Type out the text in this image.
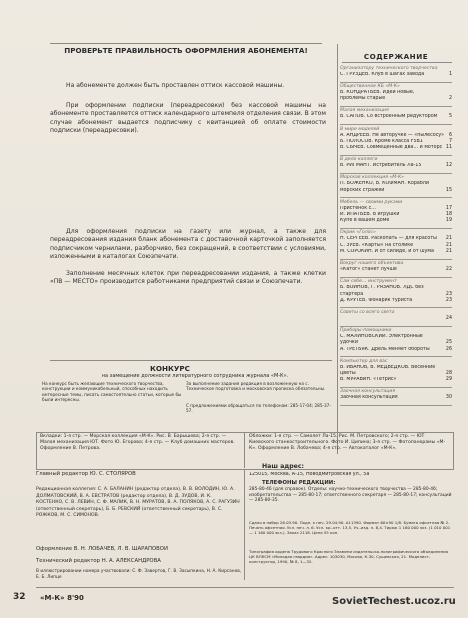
ПРОВЕРЬТЕ ПРАВИЛЬНОСТЬ ОФОРМЛЕНИЯ АБОНЕМЕНТА!
На абонементе должен быть проставлен оттиск кассовой машины.
При оформлении подписки (переадресовки) без кассовой машины на абонементе проставляется оттиск календарного штемпеля отделения связи. В этом случае абонемент выдается подписчику с квитанцией об оплате стоимости подписки (переадресовки).
Для оформления подписки на газету или журнал, а также для переадресования издания бланк абонемента с доставочной карточкой заполняется подписчиком чернилами, разборчиво, без сокращений, в соответствии с условиями, изложенными в каталогах Союзпечати.
Заполнение месячных клеток при переадресовании издания, а также клетки «ПВ — МЕСТО» производится работниками предприятий связи и Союзпечати.
СОДЕРЖАНИЕ
Организатору технического творчества
С. ГРУЗДЕВ. Клуб в шагах завода	1
Общественное КБ «М-К»
В. КОНДРАТЬЕВ. Идеи новые,
проблемы старые	2
Малая механизация
В. САПОВ. Со встроенным редуктором 5
В мире моделей
А. АНДРЕЕВ. Не авторучке — «пылесосу» 6
Б. ПОЛОСОВ. Кроме класса F5B1	7
В. СЫЧЕВ. Совмещенные два… и моторс 11
В дело коллеги
В. РИГМАНТ. Истребитель Ла-15	12
Морская коллекция «М-К»
П. БОЖЕНКО, В. КОФМАН. Корабли
морских стражей	15
Мебель — своими руками
Пристенок с...	17
И. ИПАТЬЕВ. В игрушки	18
Купе в вашем доме	19
Окрик «Голос»
Н. СЕРГЕЕВ. Раскопать — для красоты 21
С. ЗУЕВ. «Карты» на столике	21
М. СОРОКИН. И от силиде, и от шума 21
Вокруг нашего объектива
«Катог» станет лучше	22
Сам себе… инструмент
Б. ВОИНОВ, Г. РЯЗАНОВ. ЛДС без
стартера	23
Д. КРУТЕВ. Фонарик туриста	23
Советы со всего света
24
Приборы-помощники
С. МАЛИНОВСКИЙ. Электронные
удочки	25
А. ТРЕТЬЯК. Дрель меняет обороты	26
Компьютер для вас
В. ИВАНОВ, В. МЕДВЕДКОВ. Весенние
цветы	28
В. МУРАВИН. «Тетрис»	29
Заочная консультация
Заочная консультация	30
КОНКУРС
на замещение должности литературного сотрудника журнала «М-К».
На конкурс быть желающие технического творчества, конструкции и коммуникабельный, способных находить интересные темы, писать самостоятельно статьи, которые бы были интересны.
За выполнение задания редакция в возложенную на с. Техническое подготовка и московская прописка обязательны.
С предложениями обращаться по телефонам: 285-17-04; 285-37-57.
Вкладки: 1-я стр. — Морская коллекция «М-К». Рис. В. Барышева; 2-я стр. — Малая механизация ЮТ. Фото Ю. Егорова; 4-я стр. — Клуб домашних мастеров. Оформление В. Петрова.
Обложки: 1-я стр. — Самолет Ла-15. Рис. М. Петровского; 2-я стр. — ЮТ Киевского станкостроительного. Фото И. Ципина; 3-я стр. — Фотопанорамы «М-К». Оформление В. Лобачева; 4-я стр. — Автокаталог «М-К».
Главный редактор Ю. С. СТОЛЯРОВ
Редакционная коллегия: С. А. БАЛАНИН (редактор отдела), В. В. ВОЛОДИН, Ю. А. ДОЛМАТОВСКИЙ, В. А. ЕВСТРАТОВ (редактор отдела), В. Д. ЗУДОВ, И. К. КОСТЕНКО, С. В. ЛЕВИН, С. Ф. МАЛИК, В. Н. МУРАТОВ, В. А. ПОЛЯКОВ, А. С. РАГУЗИН (ответственный секретарь), Б. Б. РЕВСКИЙ (ответственный секретарь), В. С. РОЖКОВ, М. С. СИМОНОВ.
Оформление В. Н. ЛОБАЧЕВ, Л. В. ШАРАПОВОЙ
Технический редактор Н. А. АЛЕКСАНДРОВА
В иллюстрировании номера участвовали: С. Ф. Завертов, Г. В. Засыпкина, Н. А. Кирсанов, Е. Б. Липце
Наш адрес:
125015, Москва, А-15, Новодмитровская ул., 5а
ТЕЛЕФОНЫ РЕДАКЦИИ:
285-80-46 (для справок). Отделы: научно-технического творчества — 285-80-46; изобретательства — 285-80-17; ответственного секретаря — 285-80-17; консультаций — 285-80-35.
Сдано в набор 26.03.90. Подп. к печ. 29.04.90. А11390. Формат 60×90 1/8. Бумага офсетная № 2. Печать офсетная. Усл. печ. л. 6. Усл. кр.-отт. 13,5. Уч.-изд. л. 8,4. Тираж 1 160 000 экз. (1 010 001 — 1 160 000 экз.). Заказ 2118. Цена 55 коп.
Типография ордена Трудового Красного Знамени издательско-полиграфического объединения ЦК ВЛКСМ «Молодая гвардия». Адрес: 103030, Москва, К-30, Сущевская, 21. Моделист-конструктор, 1990, № 8, 1—32.
32 «М-К» 8'90	SovietTechest.ucoz.ru
